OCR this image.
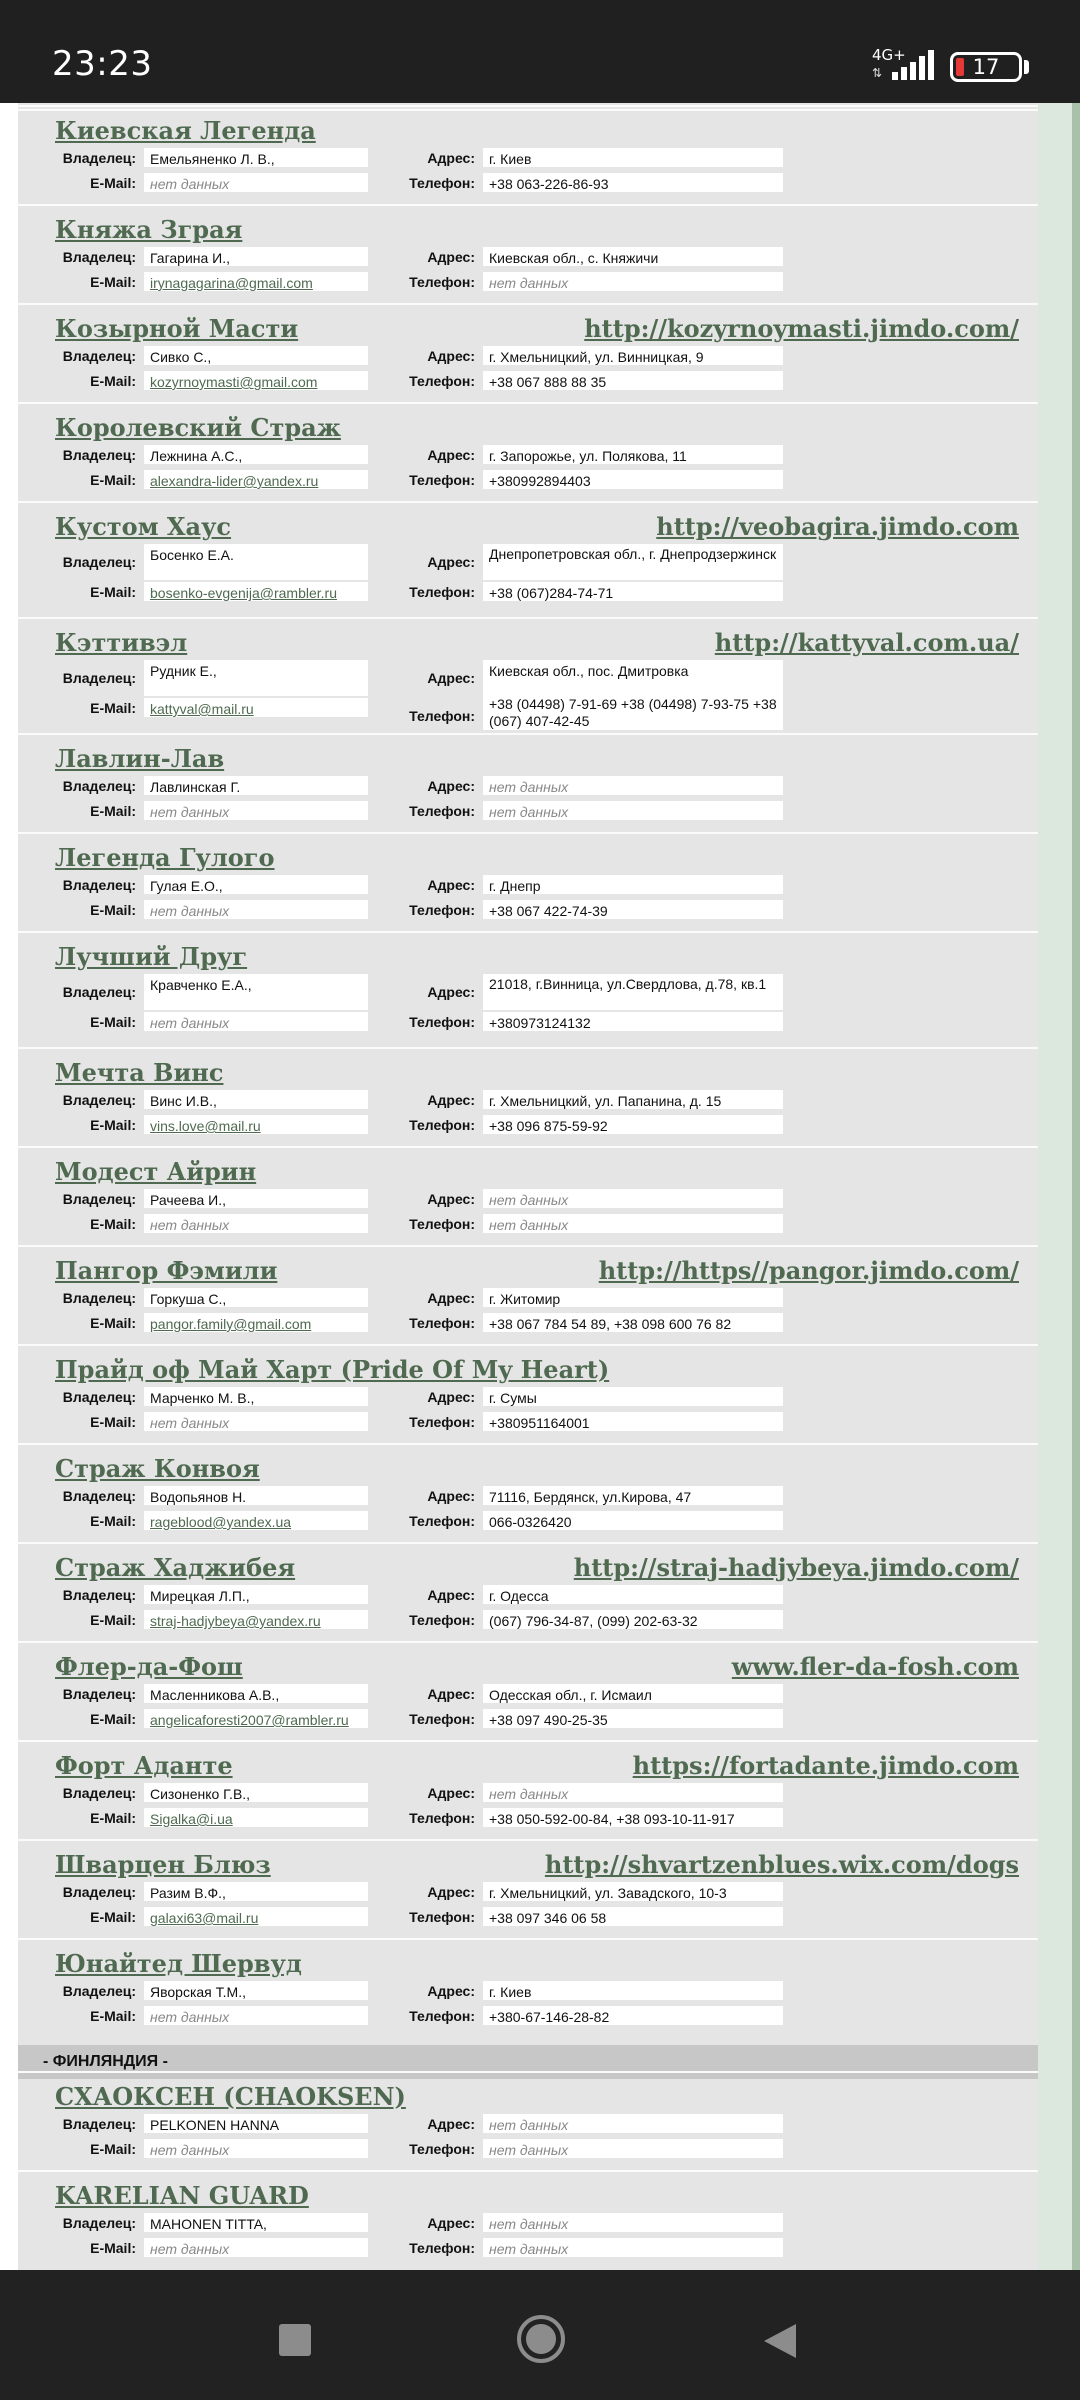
23:23	4G+
⇅	17
Киевская Легенда
Владелец:	Емельяненко Л. В.,	Адрес:	г. Киев
E-Mail:	нет данных	Телефон:	+38 063-226-86-93
Княжа Зграя
Владелец:	Гагарина И.,	Адрес:	Киевская обл., с. Княжичи
E-Mail:	irynagagarina@gmail.com	Телефон:	нет данных
Козырной Масти	http://kozyrnoymasti.jimdo.com/
Владелец:	Сивко С.,	Адрес:	г. Хмельницкий, ул. Винницкая, 9
E-Mail:	kozyrnoymasti@gmail.com	Телефон:	+38 067 888 88 35
Королевский Страж
Владелец:	Лежнина А.С.,	Адрес:	г. Запорожье, ул. Полякова, 11
E-Mail:	alexandra-lider@yandex.ru	Телефон:	+380992894403
Кустом Хаус	http://veobagira.jimdo.com
Владелец:	Босенко Е.А.	Адрес:	Днепропетровская обл., г. Днепродзержинск
E-Mail:	bosenko-evgenija@rambler.ru	Телефон:	+38 (067)284-74-71
Кэттивэл	http://kattyval.com.ua/
Владелец:	Рудник Е.,	Адрес:	Киевская обл., пос. Дмитровка
E-Mail:	kattyval@mail.ru	Телефон:
+38 (04498) 7-91-69 +38 (04498) 7-93-75 +38 (067) 407-42-45
Лавлин-Лав
Владелец:	Лавлинская Г.	Адрес:	нет данных
E-Mail:	нет данных	Телефон:	нет данных
Легенда Гулого
Владелец:	Гулая Е.О.,	Адрес:	г. Днепр
E-Mail:	нет данных	Телефон:	+38 067 422-74-39
Лучший Друг
Владелец:	Кравченко Е.А.,	Адрес:	21018, г.Винница, ул.Свердлова, д.78, кв.1
E-Mail:	нет данных	Телефон:	+380973124132
Мечта Винс
Владелец:	Винс И.В.,	Адрес:	г. Хмельницкий, ул. Папанина, д. 15
E-Mail:	vins.love@mail.ru	Телефон:	+38 096 875-59-92
Модест Айрин
Владелец:	Рачеева И.,	Адрес:	нет данных
E-Mail:	нет данных	Телефон:	нет данных
Пангор Фэмили	http://https//pangor.jimdo.com/
Владелец:	Горкуша С.,	Адрес:	г. Житомир
E-Mail:	pangor.family@gmail.com	Телефон:	+38 067 784 54 89, +38 098 600 76 82
Прайд оф Май Харт (Pride Of My Heart)
Владелец:	Марченко М. В.,	Адрес:	г. Сумы
E-Mail:	нет данных	Телефон:	+380951164001
Страж Конвоя
Владелец:	Водопьянов Н.	Адрес:	71116, Бердянск, ул.Кирова, 47
E-Mail:	rageblood@yandex.ua	Телефон:	066-0326420
Страж Хаджибея	http://straj-hadjybeya.jimdo.com/
Владелец:	Мирецкая Л.П.,	Адрес:	г. Одесса
E-Mail:	straj-hadjybeya@yandex.ru	Телефон:	(067) 796-34-87, (099) 202-63-32
Флер-да-Фош	www.fler-da-fosh.com
Владелец:	Масленникова А.В.,	Адрес:	Одесская обл., г. Исмаил
E-Mail:	angelicaforesti2007@rambler.ru	Телефон:	+38 097 490-25-35
Форт Аданте	https://fortadante.jimdo.com
Владелец:	Сизоненко Г.В.,	Адрес:	нет данных
E-Mail:	Sigalka@i.ua	Телефон:	+38 050-592-00-84, +38 093-10-11-917
Шварцен Блюз	http://shvartzenblues.wix.com/dogs
Владелец:	Разим В.Ф.,	Адрес:	г. Хмельницкий, ул. Завадского, 10-3
E-Mail:	galaxi63@mail.ru	Телефон:	+38 097 346 06 58
Юнайтед Шервуд
Владелец:	Яворская Т.М.,	Адрес:	г. Киев
E-Mail:	нет данных	Телефон:	+380-67-146-28-82
- ФИНЛЯНДИЯ -
СХАОКСЕН (CHAOKSEN)
Владелец:	PELKONEN HANNA	Адрес:	нет данных
E-Mail:	нет данных	Телефон:	нет данных
KARELIAN GUARD
Владелец:	MAHONEN TITTA,	Адрес:	нет данных
E-Mail:	нет данных	Телефон:	нет данных
